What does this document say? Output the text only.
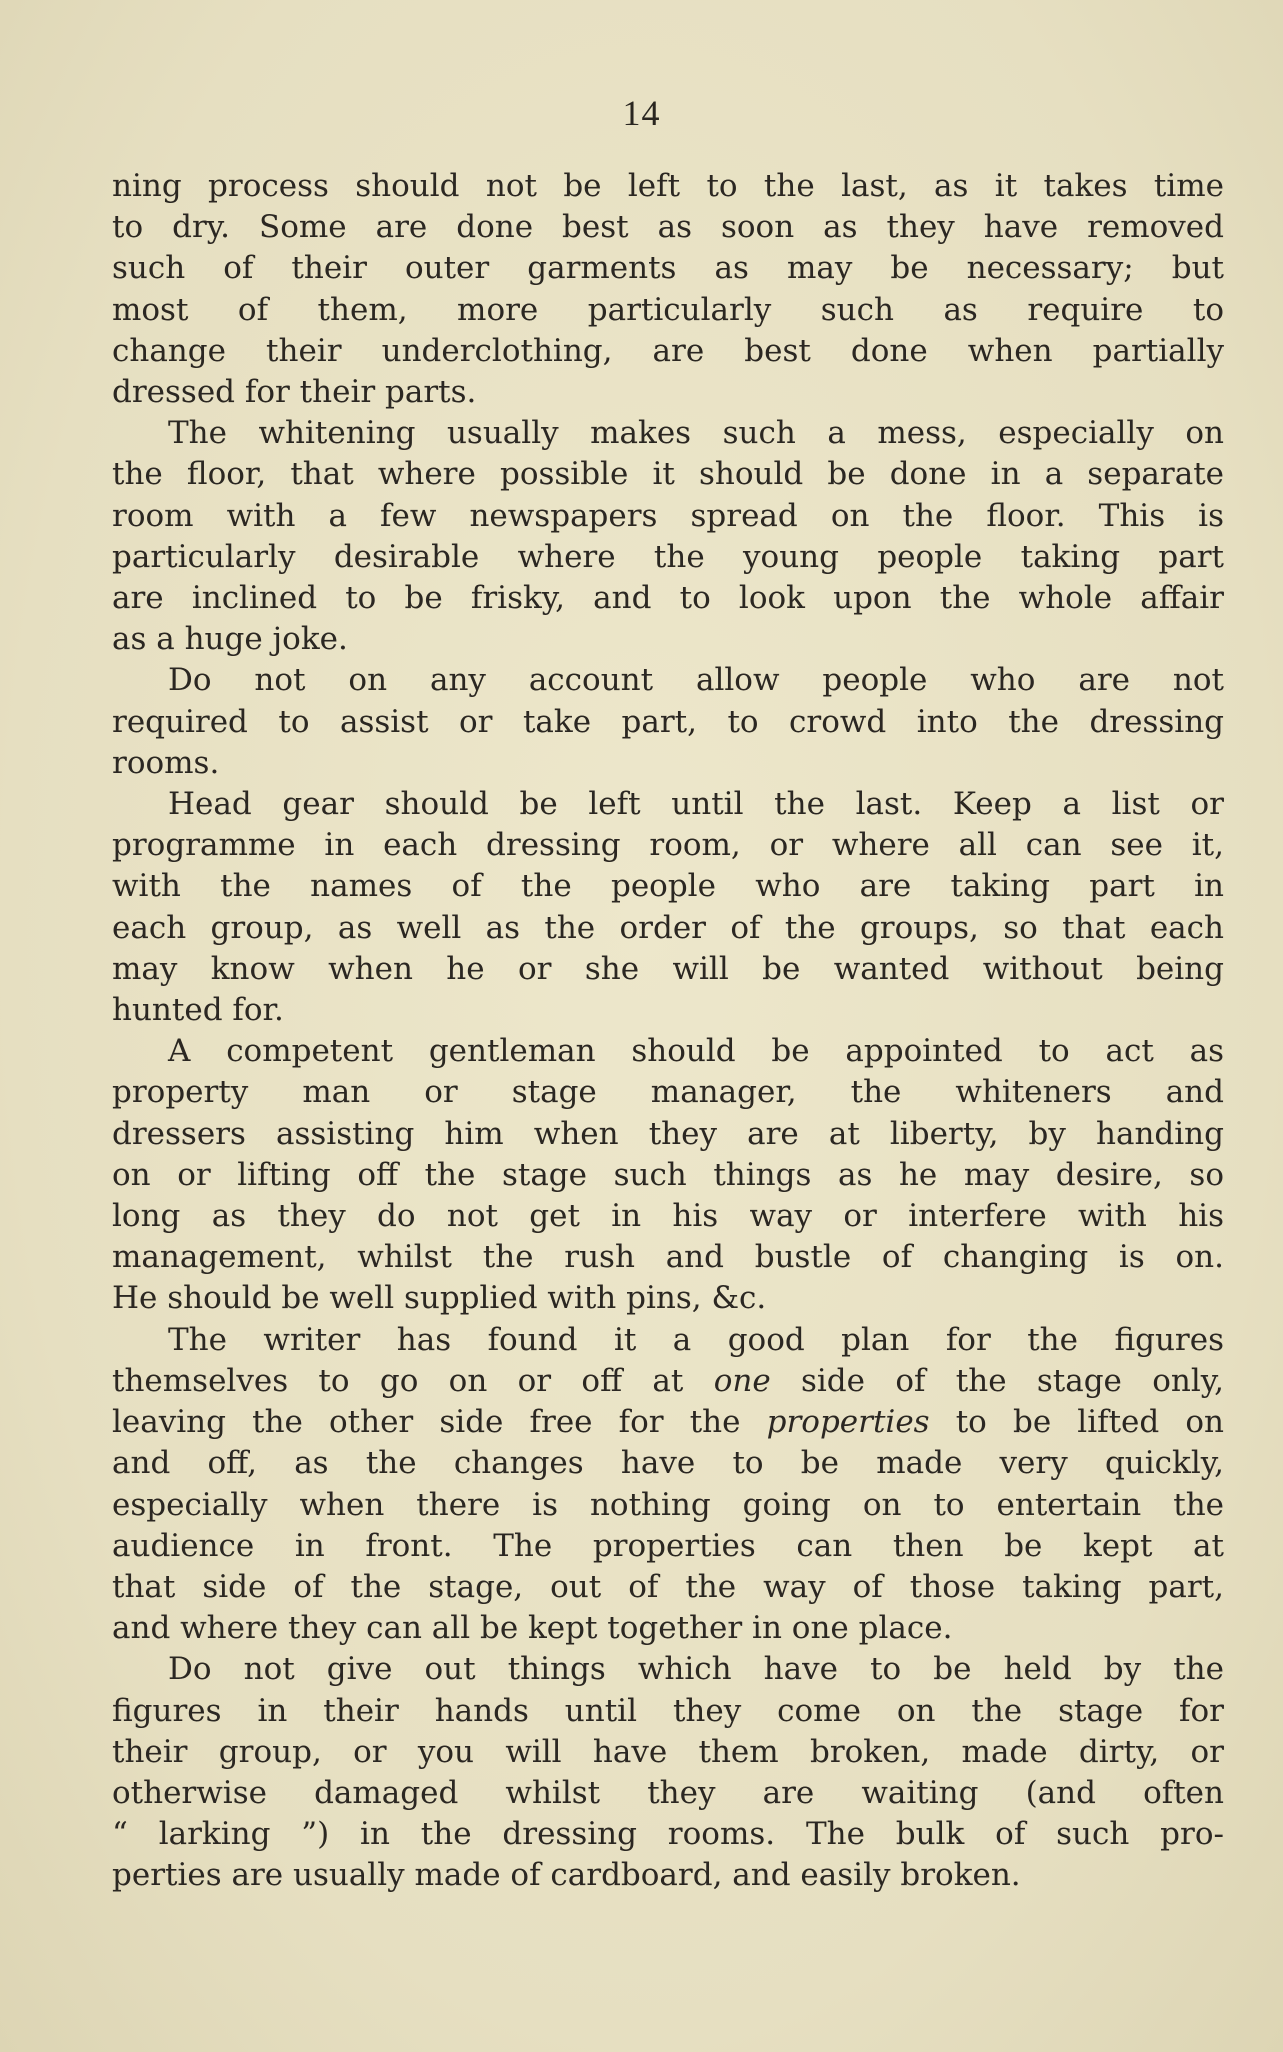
14
ning process should not be left to the last, as it takes time
to dry. Some are done best as soon as they have removed
such of their outer garments as may be necessary; but
most of them, more particularly such as require to
change their underclothing, are best done when partially
dressed for their parts.
The whitening usually makes such a mess, especially on
the floor, that where possible it should be done in a separate
room with a few newspapers spread on the floor. This is
particularly desirable where the young people taking part
are inclined to be frisky, and to look upon the whole affair
as a huge joke.
Do not on any account allow people who are not
required to assist or take part, to crowd into the dressing
rooms.
Head gear should be left until the last. Keep a list or
programme in each dressing room, or where all can see it,
with the names of the people who are taking part in
each group, as well as the order of the groups, so that each
may know when he or she will be wanted without being
hunted for.
A competent gentleman should be appointed to act as
property man or stage manager, the whiteners and
dressers assisting him when they are at liberty, by handing
on or lifting off the stage such things as he may desire, so
long as they do not get in his way or interfere with his
management, whilst the rush and bustle of changing is on.
He should be well supplied with pins, &c.
The writer has found it a good plan for the figures
themselves to go on or off at one side of the stage only,
leaving the other side free for the properties to be lifted on
and off, as the changes have to be made very quickly,
especially when there is nothing going on to entertain the
audience in front. The properties can then be kept at
that side of the stage, out of the way of those taking part,
and where they can all be kept together in one place.
Do not give out things which have to be held by the
figures in their hands until they come on the stage for
their group, or you will have them broken, made dirty, or
otherwise damaged whilst they are waiting (and often
“ larking ”) in the dressing rooms. The bulk of such pro-
perties are usually made of cardboard, and easily broken.
